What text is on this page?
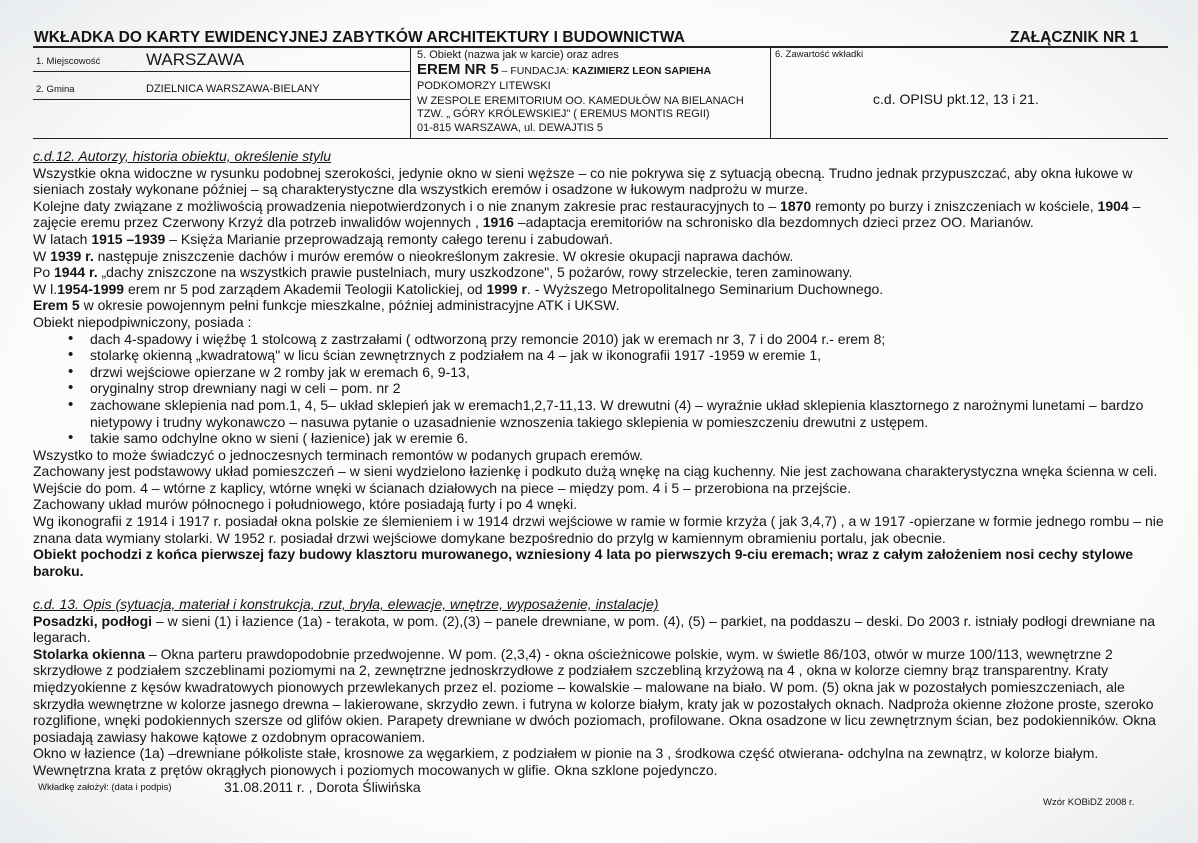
WKŁADKA DO KARTY EWIDENCYJNEJ ZABYTKÓW ARCHITEKTURY I BUDOWNICTWA	ZAŁĄCZNIK NR 1
1. Miejscowość	WARSZAWA
2. Gmina	DZIELNICA WARSZAWA-BIELANY
5. Obiekt (nazwa jak w karcie) oraz adres
EREM NR 5 – FUNDACJA: KAZIMIERZ LEON SAPIEHA
PODKOMORZY LITEWSKI
W ZESPOLE EREMITORIUM OO. KAMEDUŁÓW NA BIELANACH
TZW. „ GÓRY KRÓLEWSKIEJ" ( EREMUS MONTIS REGII)
01-815 WARSZAWA, ul. DEWAJTIS 5
6. Zawartość wkładki
c.d. OPISU pkt.12, 13 i 21.

c.d.12. Autorzy, historia obiektu, określenie stylu

Wszystkie okna widoczne w rysunku podobnej szerokości, jedynie okno w sieni węższe – co nie pokrywa się z sytuacją obecną. Trudno jednak przypuszczać, aby okna łukowe w sieniach zostały wykonane później – są charakterystyczne dla wszystkich eremów i osadzone w łukowym nadprożu w murze.

Kolejne daty związane z możliwością prowadzenia niepotwierdzonych i o nie znanym zakresie prac restauracyjnych to – 1870 remonty po burzy i zniszczeniach w kościele, 1904 – zajęcie eremu przez Czerwony Krzyż dla potrzeb inwalidów wojennych , 1916 –adaptacja eremitoriów na schronisko dla bezdomnych dzieci przez OO. Marianów.

W latach 1915 –1939 – Księża Marianie przeprowadzają remonty całego terenu i zabudowań.

W 1939 r. następuje zniszczenie dachów i murów eremów o nieokreślonym zakresie. W okresie okupacji naprawa dachów.

Po 1944 r. „dachy zniszczone na wszystkich prawie pustelniach, mury uszkodzone", 5 pożarów, rowy strzeleckie, teren zaminowany.

W l.1954-1999 erem nr 5 pod zarządem Akademii Teologii Katolickiej, od 1999 r. - Wyższego Metropolitalnego Seminarium Duchownego.

Erem 5 w okresie powojennym pełni funkcje mieszkalne, później administracyjne ATK i UKSW.

Obiekt niepodpiwniczony, posiada :

• dach 4-spadowy i więźbę 1 stolcową z zastrzałami ( odtworzoną przy remoncie 2010) jak w eremach nr 3, 7 i do 2004 r.- erem 8;
• stolarkę okienną „kwadratową" w licu ścian zewnętrznych z podziałem na 4 – jak w ikonografii 1917 -1959 w eremie 1,
• drzwi wejściowe opierzane w 2 romby jak w eremach 6, 9-13,
• oryginalny strop drewniany nagi w celi – pom. nr 2
• zachowane sklepienia nad pom.1, 4, 5– układ sklepień jak w eremach1,2,7-11,13. W drewutni (4) – wyraźnie układ sklepienia klasztornego z narożnymi lunetami – bardzo nietypowy i trudny wykonawczo – nasuwa pytanie o uzasadnienie wznoszenia takiego sklepienia w pomieszczeniu drewutni z ustępem.
• takie samo odchylne okno w sieni ( łazienice) jak w eremie 6.

Wszystko to może świadczyć o jednoczesnych terminach remontów w podanych grupach eremów.

Zachowany jest podstawowy układ pomieszczeń – w sieni wydzielono łazienkę i podkuto dużą wnękę na ciąg kuchenny. Nie jest zachowana charakterystyczna wnęka ścienna w celi. Wejście do pom. 4 – wtórne z kaplicy, wtórne wnęki w ścianach działowych na piece – między pom. 4 i 5 – przerobiona na przejście.

Zachowany układ murów północnego i południowego, które posiadają furty i po 4 wnęki.

Wg ikonografii z 1914 i 1917 r. posiadał okna polskie ze ślemieniem i w 1914 drzwi wejściowe w ramie w formie krzyża ( jak 3,4,7) , a w 1917 -opierzane w formie jednego rombu – nie znana data wymiany stolarki. W 1952 r. posiadał drzwi wejściowe domykane bezpośrednio do przylg w kamiennym obramieniu portalu, jak obecnie.

Obiekt pochodzi z końca pierwszej fazy budowy klasztoru murowanego, wzniesiony 4 lata po pierwszych 9-ciu eremach; wraz z całym założeniem nosi cechy stylowe baroku.

c.d. 13. Opis (sytuacja, materiał i konstrukcja, rzut, bryła, elewacje, wnętrze, wyposażenie, instalacje)

Posadzki, podłogi – w sieni (1) i łazience (1a) - terakota, w pom. (2),(3) – panele drewniane, w pom. (4), (5) – parkiet, na poddaszu – deski. Do 2003 r. istniały podłogi drewniane na legarach.

Stolarka okienna – Okna parteru prawdopodobnie przedwojenne. W pom. (2,3,4) - okna ościeżnicowe polskie, wym. w świetle 86/103, otwór w murze 100/113, wewnętrzne 2 skrzydłowe z podziałem szczeblinami poziomymi na 2, zewnętrzne jednoskrzydłowe z podziałem szczebliną krzyżową na 4 , okna w kolorze ciemny brąz transparentny. Kraty międzyokienne z kęsów kwadratowych pionowych przewlekanych przez el. poziome – kowalskie – malowane na biało. W pom. (5) okna jak w pozostałych pomieszczeniach, ale skrzydła wewnętrzne w kolorze jasnego drewna – lakierowane, skrzydło zewn. i futryna w kolorze białym, kraty jak w pozostałych oknach. Nadproża okienne złożone proste, szeroko rozglifione, wnęki podokiennych szersze od glifów okien. Parapety drewniane w dwóch poziomach, profilowane. Okna osadzone w licu zewnętrznym ścian, bez podokienników. Okna posiadają zawiasy hakowe kątowe z ozdobnym opracowaniem.

Okno w łazience (1a) –drewniane półkoliste stałe, krosnowe za węgarkiem, z podziałem w pionie na 3 , środkowa część otwierana- odchylna na zewnątrz, w kolorze białym. Wewnętrzna krata z prętów okrągłych pionowych i poziomych mocowanych w glifie. Okna szklone pojedynczo.

Wkładkę założył: (data i podpis)	31.08.2011 r. , Dorota Śliwińska
Wzór KOBiDZ 2008 r.
